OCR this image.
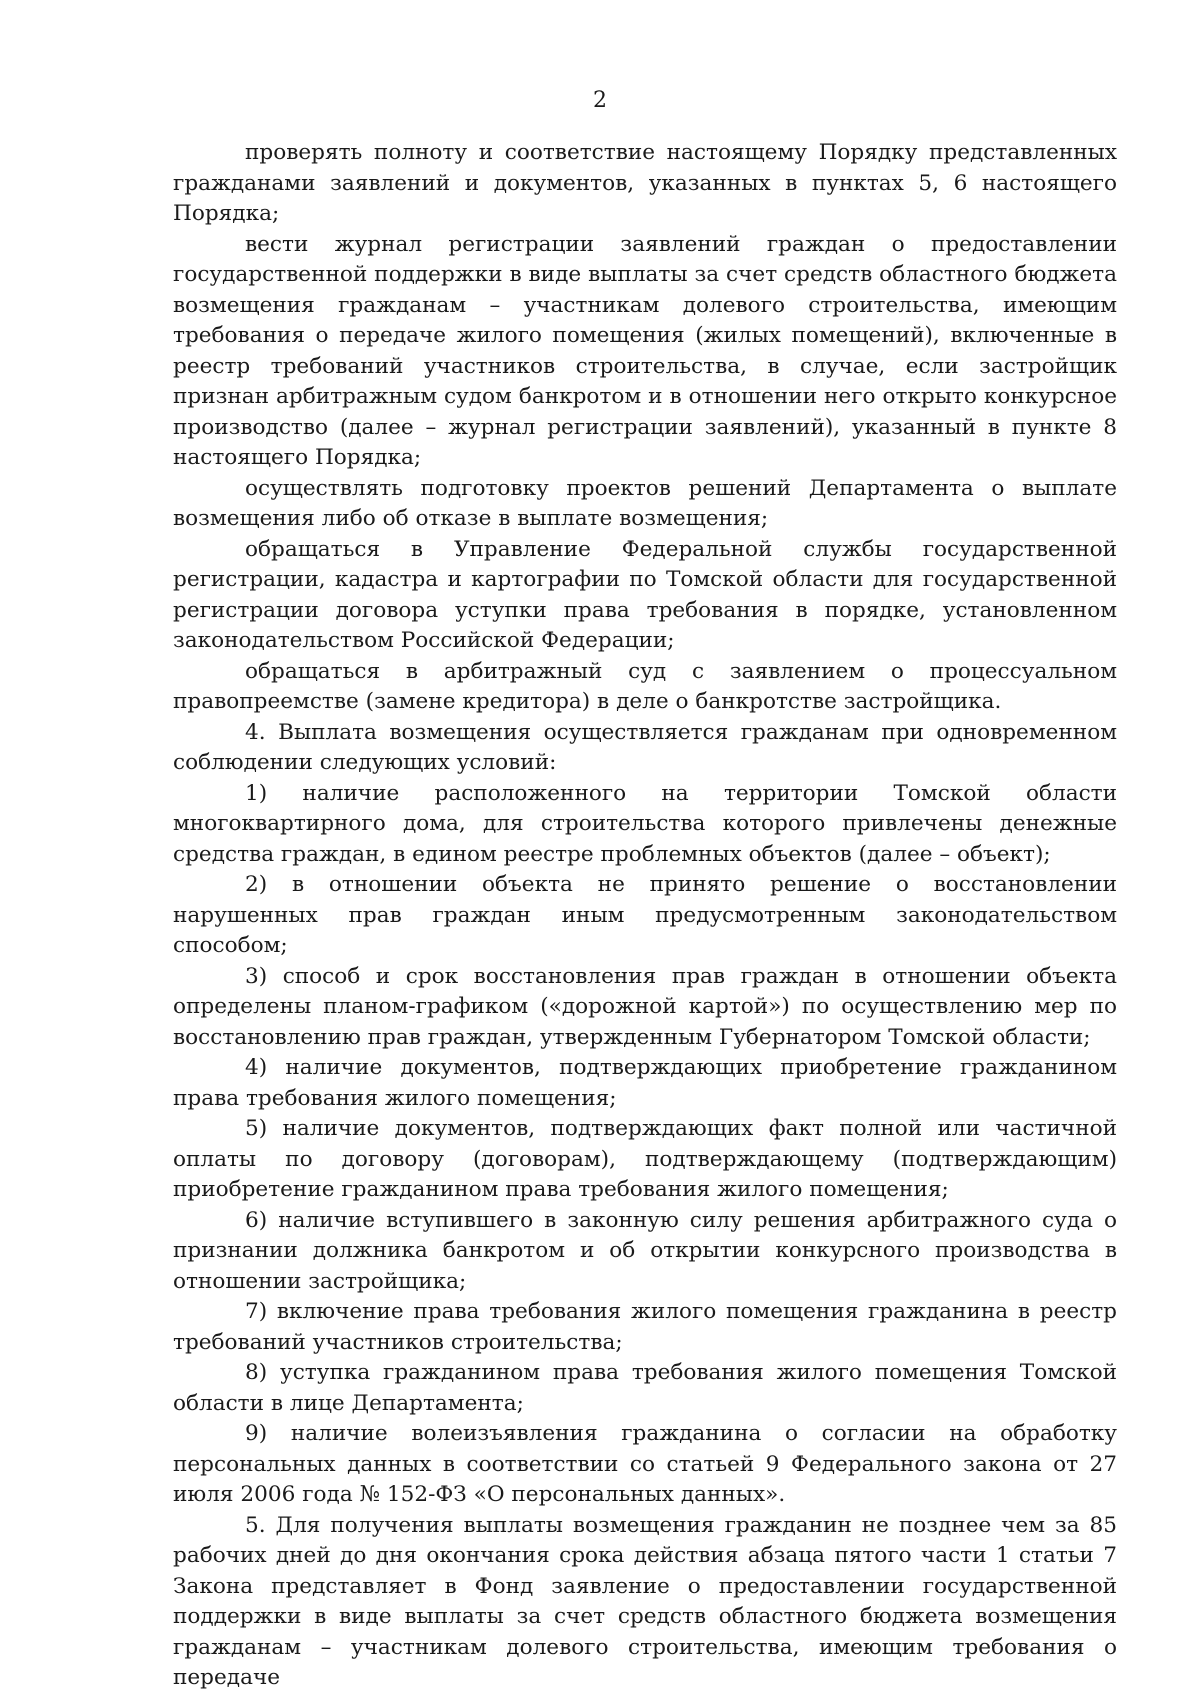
2

проверять полноту и соответствие настоящему Порядку представленных гражданами заявлений и документов, указанных в пунктах 5, 6 настоящего Порядка;

вести журнал регистрации заявлений граждан о предоставлении государственной поддержки в виде выплаты за счет средств областного бюджета возмещения гражданам – участникам долевого строительства, имеющим требования о передаче жилого помещения (жилых помещений), включенные в реестр требований участников строительства, в случае, если застройщик признан арбитражным судом банкротом и в отношении него открыто конкурсное производство (далее – журнал регистрации заявлений), указанный в пункте 8 настоящего Порядка;

осуществлять подготовку проектов решений Департамента о выплате возмещения либо об отказе в выплате возмещения;

обращаться в Управление Федеральной службы государственной регистрации, кадастра и картографии по Томской области для государственной регистрации договора уступки права требования в порядке, установленном законодательством Российской Федерации;

обращаться в арбитражный суд с заявлением о процессуальном правопреемстве (замене кредитора) в деле о банкротстве застройщика.

4. Выплата возмещения осуществляется гражданам при одновременном соблюдении следующих условий:

1) наличие расположенного на территории Томской области многоквартирного дома, для строительства которого привлечены денежные средства граждан, в едином реестре проблемных объектов (далее – объект);

2) в отношении объекта не принято решение о восстановлении нарушенных прав граждан иным предусмотренным законодательством способом;

3) способ и срок восстановления прав граждан в отношении объекта определены планом-графиком («дорожной картой») по осуществлению мер по восстановлению прав граждан, утвержденным Губернатором Томской области;

4) наличие документов, подтверждающих приобретение гражданином права требования жилого помещения;

5) наличие документов, подтверждающих факт полной или частичной оплаты по договору (договорам), подтверждающему (подтверждающим) приобретение гражданином права требования жилого помещения;

6) наличие вступившего в законную силу решения арбитражного суда о признании должника банкротом и об открытии конкурсного производства в отношении застройщика;

7) включение права требования жилого помещения гражданина в реестр требований участников строительства;

8) уступка гражданином права требования жилого помещения Томской области в лице Департамента;

9) наличие волеизъявления гражданина о согласии на обработку персональных данных в соответствии со статьей 9 Федерального закона от 27 июля 2006 года № 152-ФЗ «О персональных данных».

5. Для получения выплаты возмещения гражданин не позднее чем за 85 рабочих дней до дня окончания срока действия абзаца пятого части 1 статьи 7 Закона представляет в Фонд заявление о предоставлении государственной поддержки в виде выплаты за счет средств областного бюджета возмещения гражданам – участникам долевого строительства, имеющим требования о передаче
